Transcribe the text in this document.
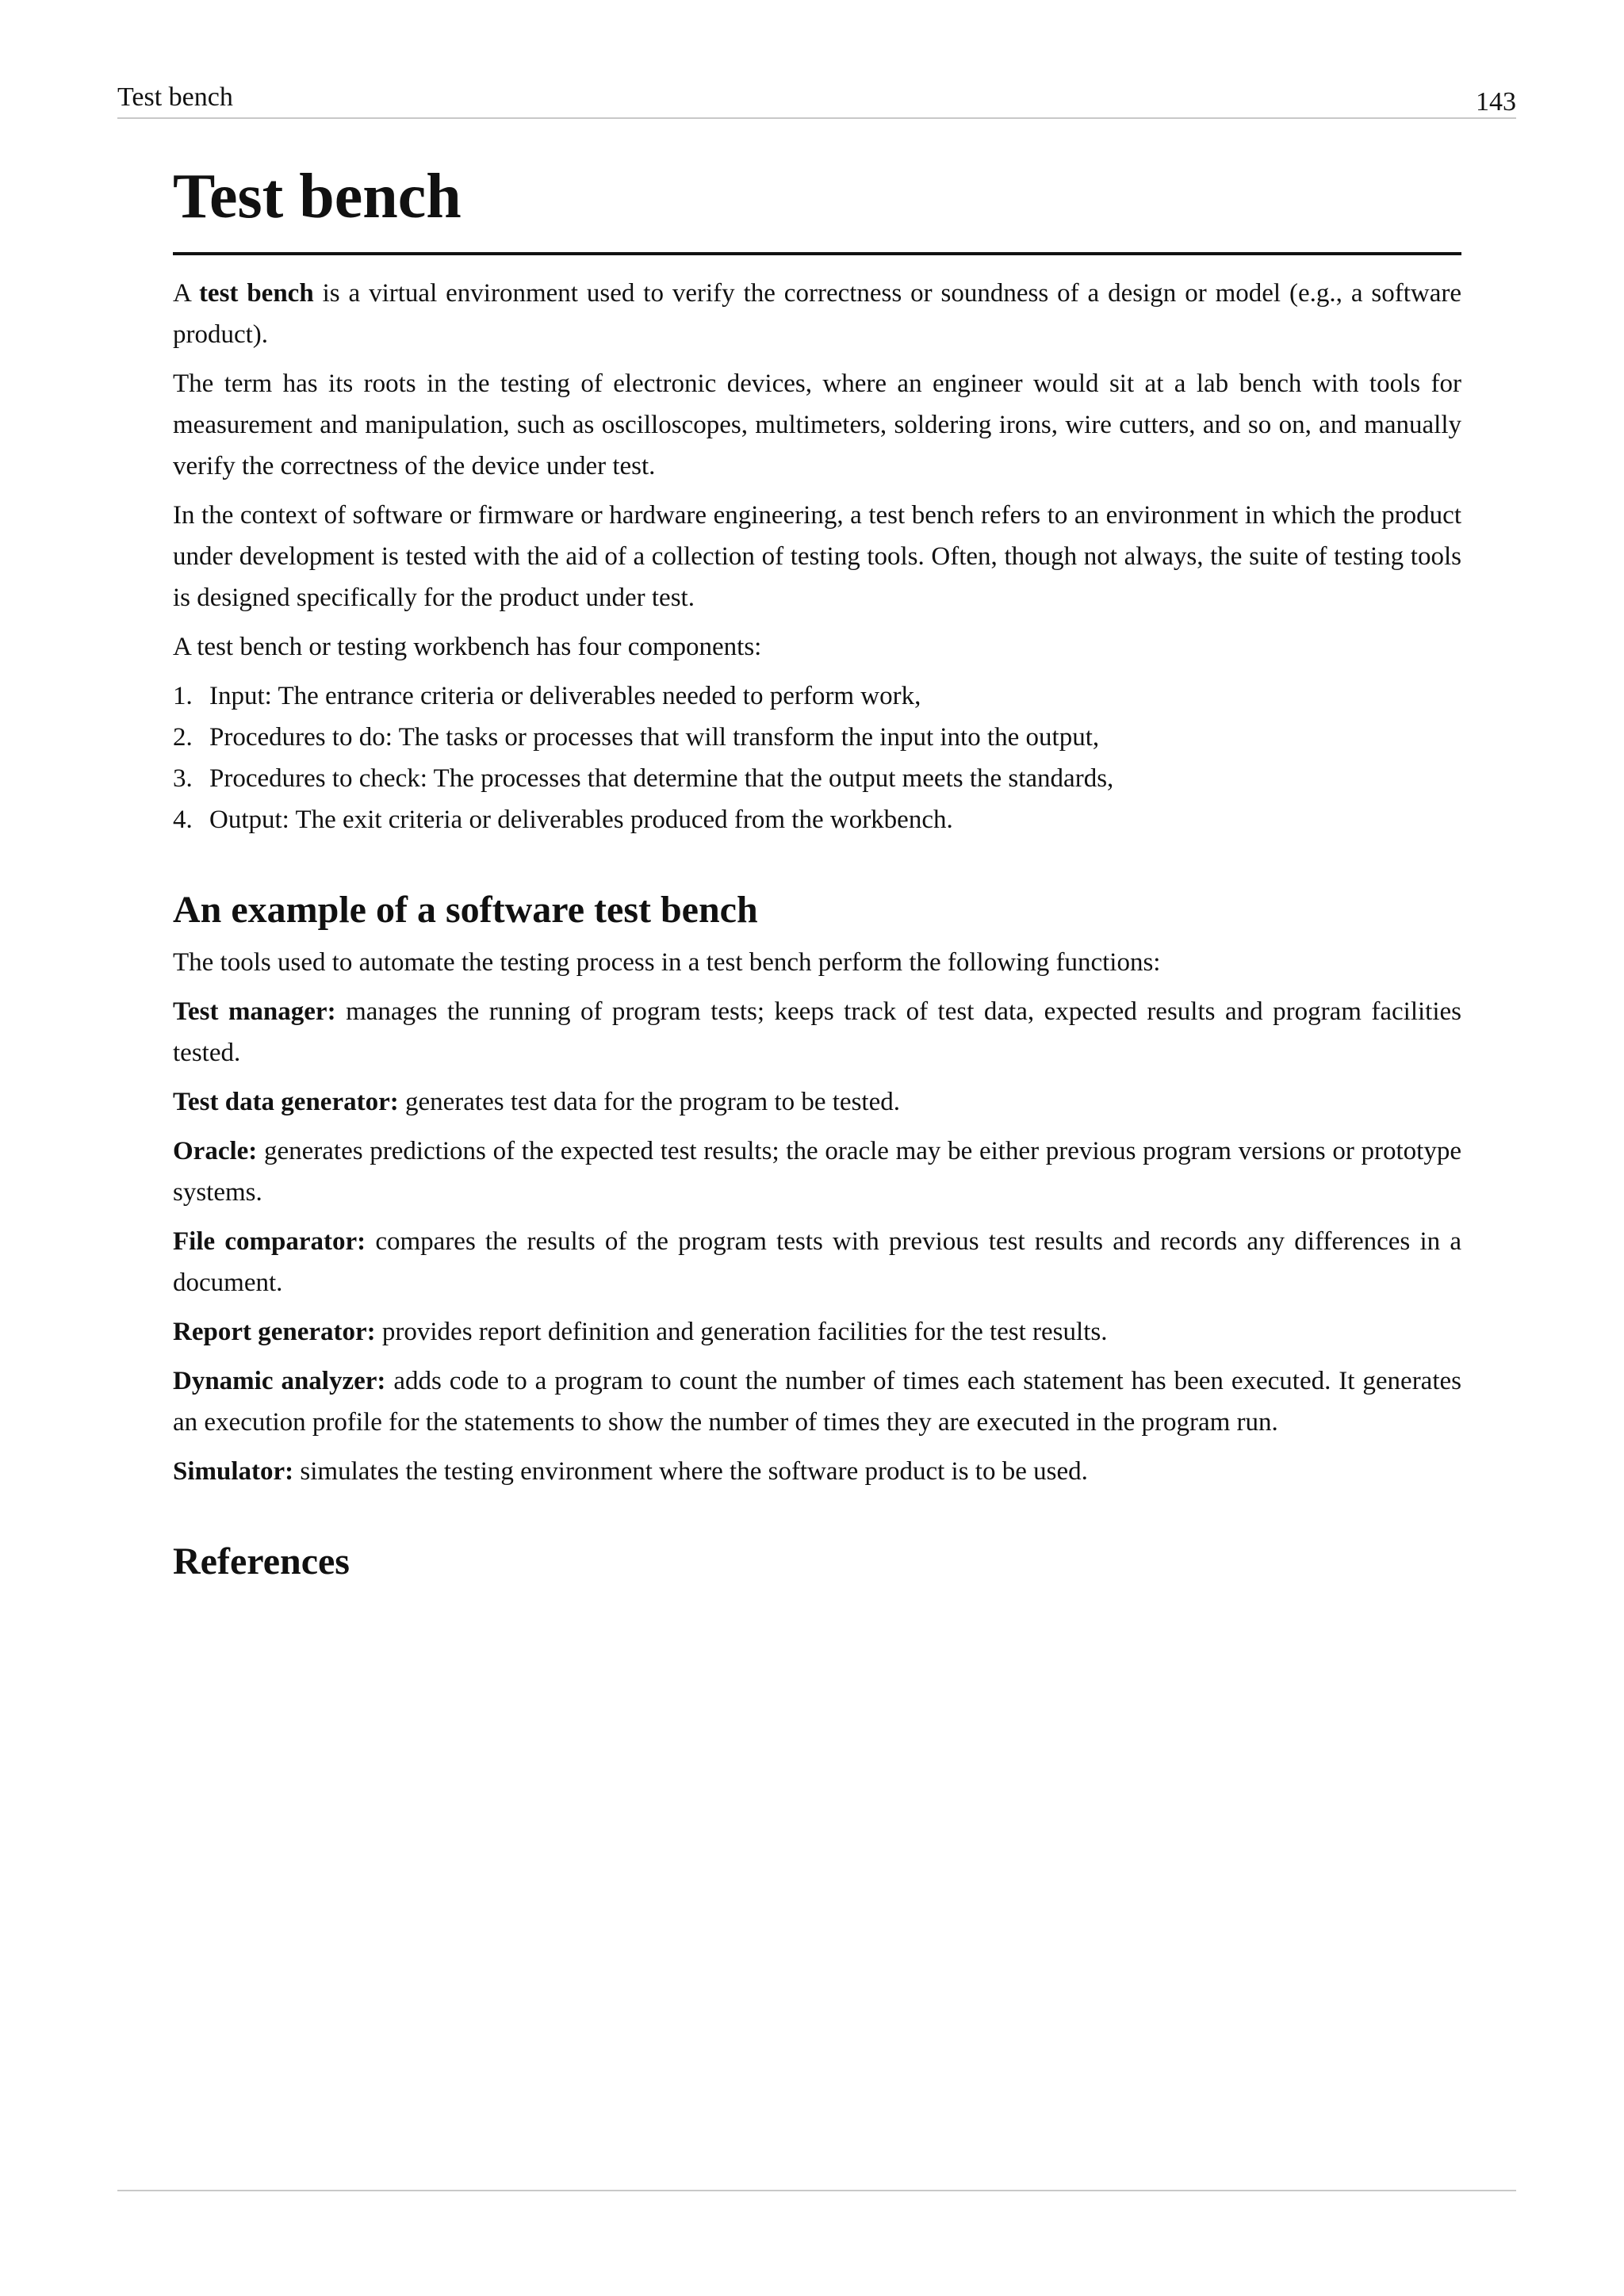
Test bench	143
Test bench

A test bench is a virtual environment used to verify the correctness or soundness of a design or model (e.g., a software product).

The term has its roots in the testing of electronic devices, where an engineer would sit at a lab bench with tools for measurement and manipulation, such as oscilloscopes, multimeters, soldering irons, wire cutters, and so on, and manually verify the correctness of the device under test.

In the context of software or firmware or hardware engineering, a test bench refers to an environment in which the product under development is tested with the aid of a collection of testing tools. Often, though not always, the suite of testing tools is designed specifically for the product under test.

A test bench or testing workbench has four components:

1. Input: The entrance criteria or deliverables needed to perform work,
2. Procedures to do: The tasks or processes that will transform the input into the output,
3. Procedures to check: The processes that determine that the output meets the standards,
4. Output: The exit criteria or deliverables produced from the workbench.
An example of a software test bench

The tools used to automate the testing process in a test bench perform the following functions:

Test manager: manages the running of program tests; keeps track of test data, expected results and program facilities tested.

Test data generator: generates test data for the program to be tested.

Oracle: generates predictions of the expected test results; the oracle may be either previous program versions or prototype systems.

File comparator: compares the results of the program tests with previous test results and records any differences in a document.

Report generator: provides report definition and generation facilities for the test results.

Dynamic analyzer: adds code to a program to count the number of times each statement has been executed. It generates an execution profile for the statements to show the number of times they are executed in the program run.

Simulator: simulates the testing environment where the software product is to be used.

References
